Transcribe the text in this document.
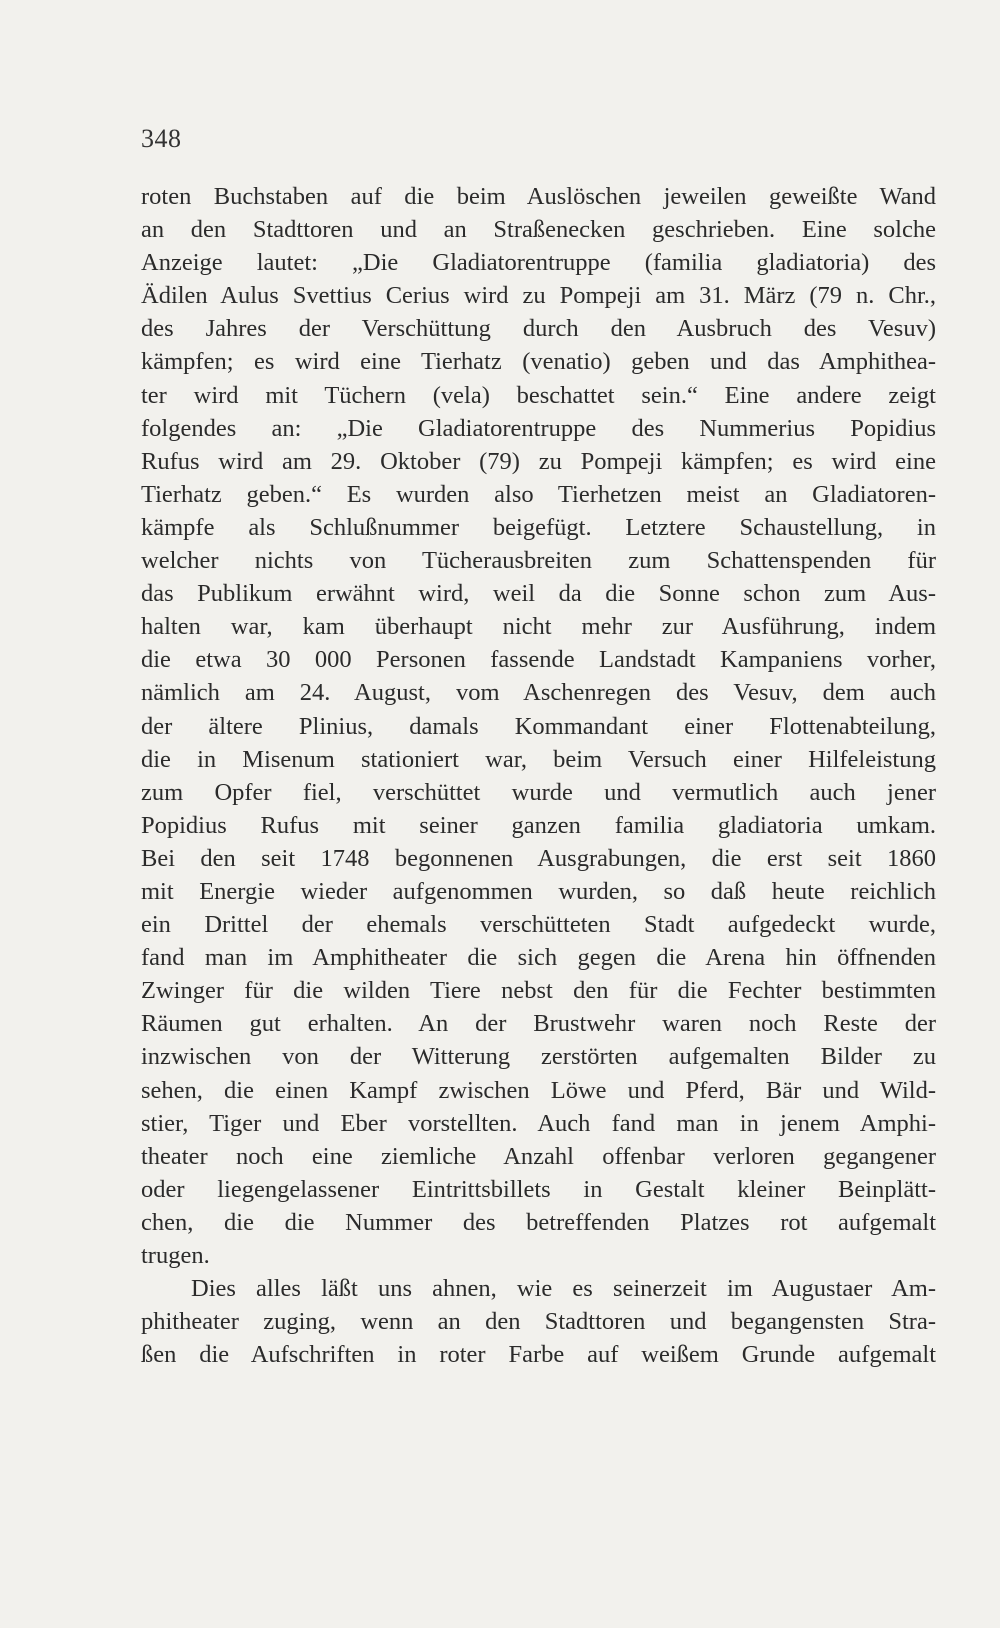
348
roten Buchstaben auf die beim Auslöschen jeweilen geweißte Wand
an den Stadttoren und an Straßenecken geschrieben. Eine solche
Anzeige lautet: „Die Gladiatorentruppe (familia gladiatoria) des
Ädilen Aulus Svettius Cerius wird zu Pompeji am 31. März (79 n. Chr.,
des Jahres der Verschüttung durch den Ausbruch des Vesuv)
kämpfen; es wird eine Tierhatz (venatio) geben und das Amphithea-
ter wird mit Tüchern (vela) beschattet sein.“ Eine andere zeigt
folgendes an: „Die Gladiatorentruppe des Nummerius Popidius
Rufus wird am 29. Oktober (79) zu Pompeji kämpfen; es wird eine
Tierhatz geben.“ Es wurden also Tierhetzen meist an Gladiatoren-
kämpfe als Schlußnummer beigefügt. Letztere Schaustellung, in
welcher nichts von Tücherausbreiten zum Schattenspenden für
das Publikum erwähnt wird, weil da die Sonne schon zum Aus-
halten war, kam überhaupt nicht mehr zur Ausführung, indem
die etwa 30 000 Personen fassende Landstadt Kampaniens vorher,
nämlich am 24. August, vom Aschenregen des Vesuv, dem auch
der ältere Plinius, damals Kommandant einer Flottenabteilung,
die in Misenum stationiert war, beim Versuch einer Hilfeleistung
zum Opfer fiel, verschüttet wurde und vermutlich auch jener
Popidius Rufus mit seiner ganzen familia gladiatoria umkam.
Bei den seit 1748 begonnenen Ausgrabungen, die erst seit 1860
mit Energie wieder aufgenommen wurden, so daß heute reichlich
ein Drittel der ehemals verschütteten Stadt aufgedeckt wurde,
fand man im Amphitheater die sich gegen die Arena hin öffnenden
Zwinger für die wilden Tiere nebst den für die Fechter bestimmten
Räumen gut erhalten. An der Brustwehr waren noch Reste der
inzwischen von der Witterung zerstörten aufgemalten Bilder zu
sehen, die einen Kampf zwischen Löwe und Pferd, Bär und Wild-
stier, Tiger und Eber vorstellten. Auch fand man in jenem Amphi-
theater noch eine ziemliche Anzahl offenbar verloren gegangener
oder liegengelassener Eintrittsbillets in Gestalt kleiner Beinplätt-
chen, die die Nummer des betreffenden Platzes rot aufgemalt
trugen.
Dies alles läßt uns ahnen, wie es seinerzeit im Augustaer Am-
phitheater zuging, wenn an den Stadttoren und begangensten Stra-
ßen die Aufschriften in roter Farbe auf weißem Grunde aufgemalt
